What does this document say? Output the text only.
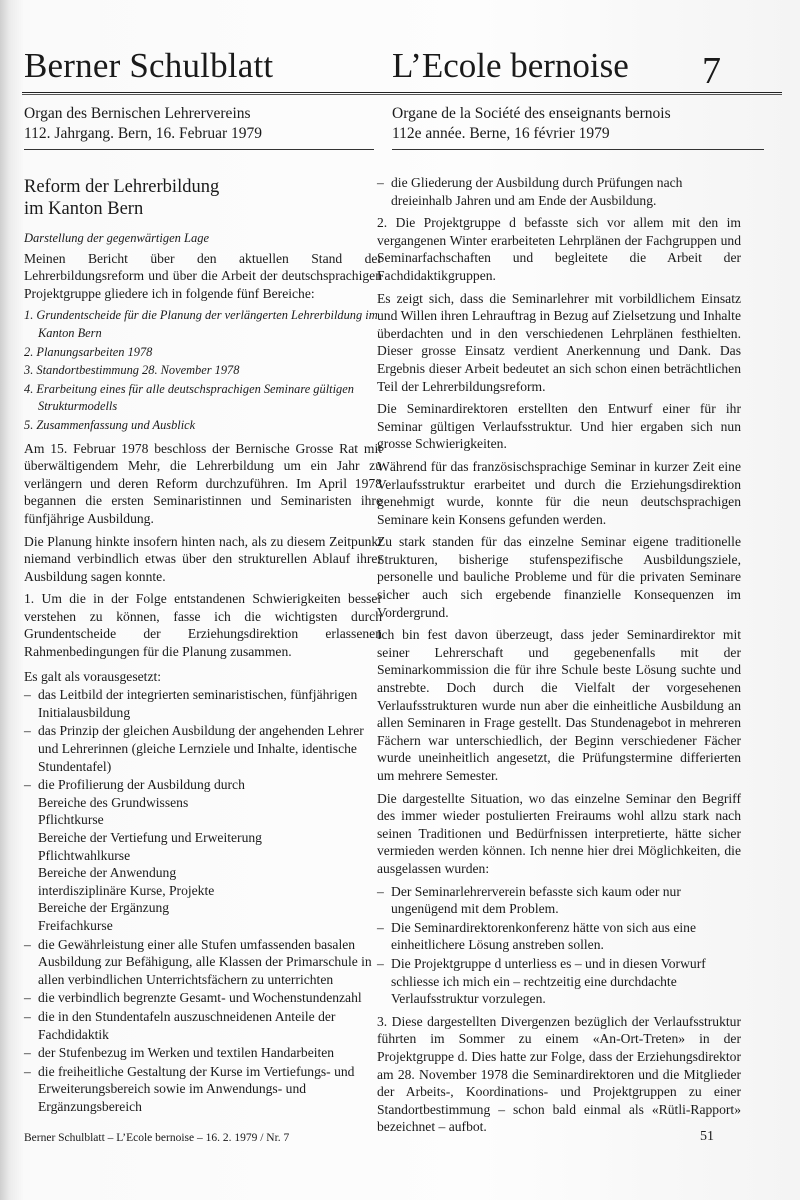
Berner Schulblatt	L’Ecole bernoise 7
Organ des Bernischen Lehrervereins
112. Jahrgang. Bern, 16. Februar 1979
Organe de la Société des enseignants bernois
112e année. Berne, 16 février 1979
Reform der Lehrerbildung
im Kanton Bern

Darstellung der gegenwärtigen Lage

Meinen Bericht über den aktuellen Stand der Lehrerbildungsreform und über die Arbeit der deutschsprachigen Projektgruppe gliedere ich in folgende fünf Bereiche:

1. Grundentscheide für die Planung der verlängerten Lehrerbildung im Kanton Bern
2. Planungsarbeiten 1978
3. Standortbestimmung 28. November 1978
4. Erarbeitung eines für alle deutschsprachigen Seminare gültigen Strukturmodells
5. Zusammenfassung und Ausblick

Am 15. Februar 1978 beschloss der Bernische Grosse Rat mit überwältigendem Mehr, die Lehrerbildung um ein Jahr zu verlängern und deren Reform durchzuführen. Im April 1978 begannen die ersten Seminaristinnen und Seminaristen ihre fünfjährige Ausbildung.

Die Planung hinkte insofern hinten nach, als zu diesem Zeitpunkt niemand verbindlich etwas über den strukturellen Ablauf ihrer Ausbildung sagen konnte.

1. Um die in der Folge entstandenen Schwierigkeiten besser verstehen zu können, fasse ich die wichtigsten durch Grundentscheide der Erziehungsdirektion erlassenen Rahmenbedingungen für die Planung zusammen.

Es galt als vorausgesetzt:

– das Leitbild der integrierten seminaristischen, fünfjährigen Initialausbildung
– das Prinzip der gleichen Ausbildung der angehenden Lehrer und Lehrerinnen (gleiche Lernziele und Inhalte, identische Stundentafel)
– die Profilierung der Ausbildung durch
Bereiche des Grundwissens
Pflichtkurse
Bereiche der Vertiefung und Erweiterung
Pflichtwahlkurse
Bereiche der Anwendung
interdisziplinäre Kurse, Projekte
Bereiche der Ergänzung
Freifachkurse
– die Gewährleistung einer alle Stufen umfassenden basalen Ausbildung zur Befähigung, alle Klassen der Primarschule in allen verbindlichen Unterrichtsfächern zu unterrichten
– die verbindlich begrenzte Gesamt- und Wochenstundenzahl
– die in den Stundentafeln auszuschneidenen Anteile der Fachdidaktik
– der Stufenbezug im Werken und textilen Handarbeiten
– die freiheitliche Gestaltung der Kurse im Vertiefungs- und Erweiterungsbereich sowie im Anwendungs- und Ergänzungsbereich
– die Gliederung der Ausbildung durch Prüfungen nach dreieinhalb Jahren und am Ende der Ausbildung.

2. Die Projektgruppe d befasste sich vor allem mit den im vergangenen Winter erarbeiteten Lehrplänen der Fachgruppen und Seminarfachschaften und begleitete die Arbeit der Fachdidaktikgruppen.

Es zeigt sich, dass die Seminarlehrer mit vorbildlichem Einsatz und Willen ihren Lehrauftrag in Bezug auf Zielsetzung und Inhalte überdachten und in den verschiedenen Lehrplänen festhielten. Dieser grosse Einsatz verdient Anerkennung und Dank. Das Ergebnis dieser Arbeit bedeutet an sich schon einen beträchtlichen Teil der Lehrerbildungsreform.

Die Seminardirektoren erstellten den Entwurf einer für ihr Seminar gültigen Verlaufsstruktur. Und hier ergaben sich nun grosse Schwierigkeiten.

Während für das französischsprachige Seminar in kurzer Zeit eine Verlaufsstruktur erarbeitet und durch die Erziehungsdirektion genehmigt wurde, konnte für die neun deutschsprachigen Seminare kein Konsens gefunden werden.

Zu stark standen für das einzelne Seminar eigene traditionelle Strukturen, bisherige stufenspezifische Ausbildungsziele, personelle und bauliche Probleme und für die privaten Seminare sicher auch sich ergebende finanzielle Konsequenzen im Vordergrund.

Ich bin fest davon überzeugt, dass jeder Seminardirektor mit seiner Lehrerschaft und gegebenenfalls mit der Seminarkommission die für ihre Schule beste Lösung suchte und anstrebte. Doch durch die Vielfalt der vorgesehenen Verlaufsstrukturen wurde nun aber die einheitliche Ausbildung an allen Seminaren in Frage gestellt. Das Stundenagebot in mehreren Fächern war unterschiedlich, der Beginn verschiedener Fächer wurde uneinheitlich angesetzt, die Prüfungstermine differierten um mehrere Semester.

Die dargestellte Situation, wo das einzelne Seminar den Begriff des immer wieder postulierten Freiraums wohl allzu stark nach seinen Traditionen und Bedürfnissen interpretierte, hätte sicher vermieden werden können. Ich nenne hier drei Möglichkeiten, die ausgelassen wurden:

– Der Seminarlehrerverein befasste sich kaum oder nur ungenügend mit dem Problem.
– Die Seminardirektorenkonferenz hätte von sich aus eine einheitlichere Lösung anstreben sollen.
– Die Projektgruppe d unterliess es – und in diesen Vorwurf schliesse ich mich ein – rechtzeitig eine durchdachte Verlaufsstruktur vorzulegen.

3. Diese dargestellten Divergenzen bezüglich der Verlaufsstruktur führten im Sommer zu einem «An-Ort-Treten» in der Projektgruppe d. Dies hatte zur Folge, dass der Erziehungsdirektor am 28. November 1978 die Seminardirektoren und die Mitglieder der Arbeits-, Koordinations- und Projektgruppen zu einer Standortbestimmung – schon bald einmal als «Rütli-Rapport» bezeichnet – aufbot.

Berner Schulblatt – L’Ecole bernoise – 16. 2. 1979 / Nr. 7	51
